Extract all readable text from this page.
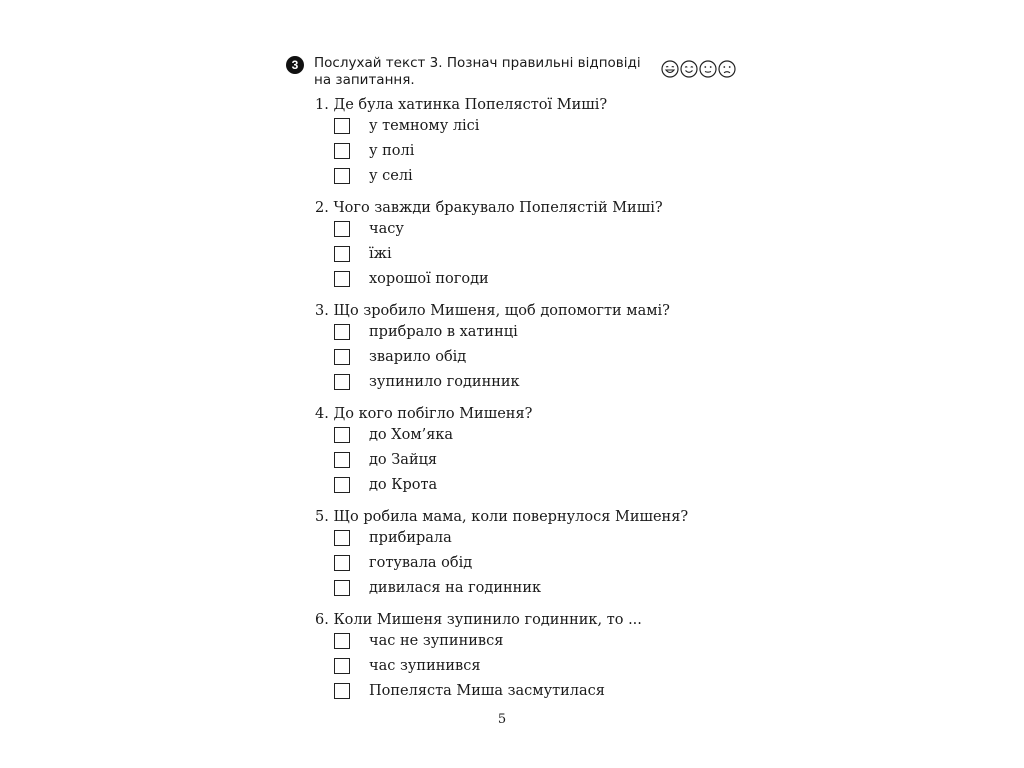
3	Послухай текст 3. Познач правильні відповіді на запитання.
1. Де була хатинка Попелястої Миші?
у темному лісі
у полі
у селі
2. Чого завжди бракувало Попелястій Миші?
часу
їжі
хорошої погоди
3. Що зробило Мишеня, щоб допомогти мамі?
прибрало в хатинці
зварило обід
зупинило годинник
4. До кого побігло Мишеня?
до Хом’яка
до Зайця
до Крота
5. Що робила мама, коли повернулося Мишеня?
прибирала
готувала обід
дивилася на годинник
6. Коли Мишеня зупинило годинник, то ...
час не зупинився
час зупинився
Попеляста Миша засмутилася
5
